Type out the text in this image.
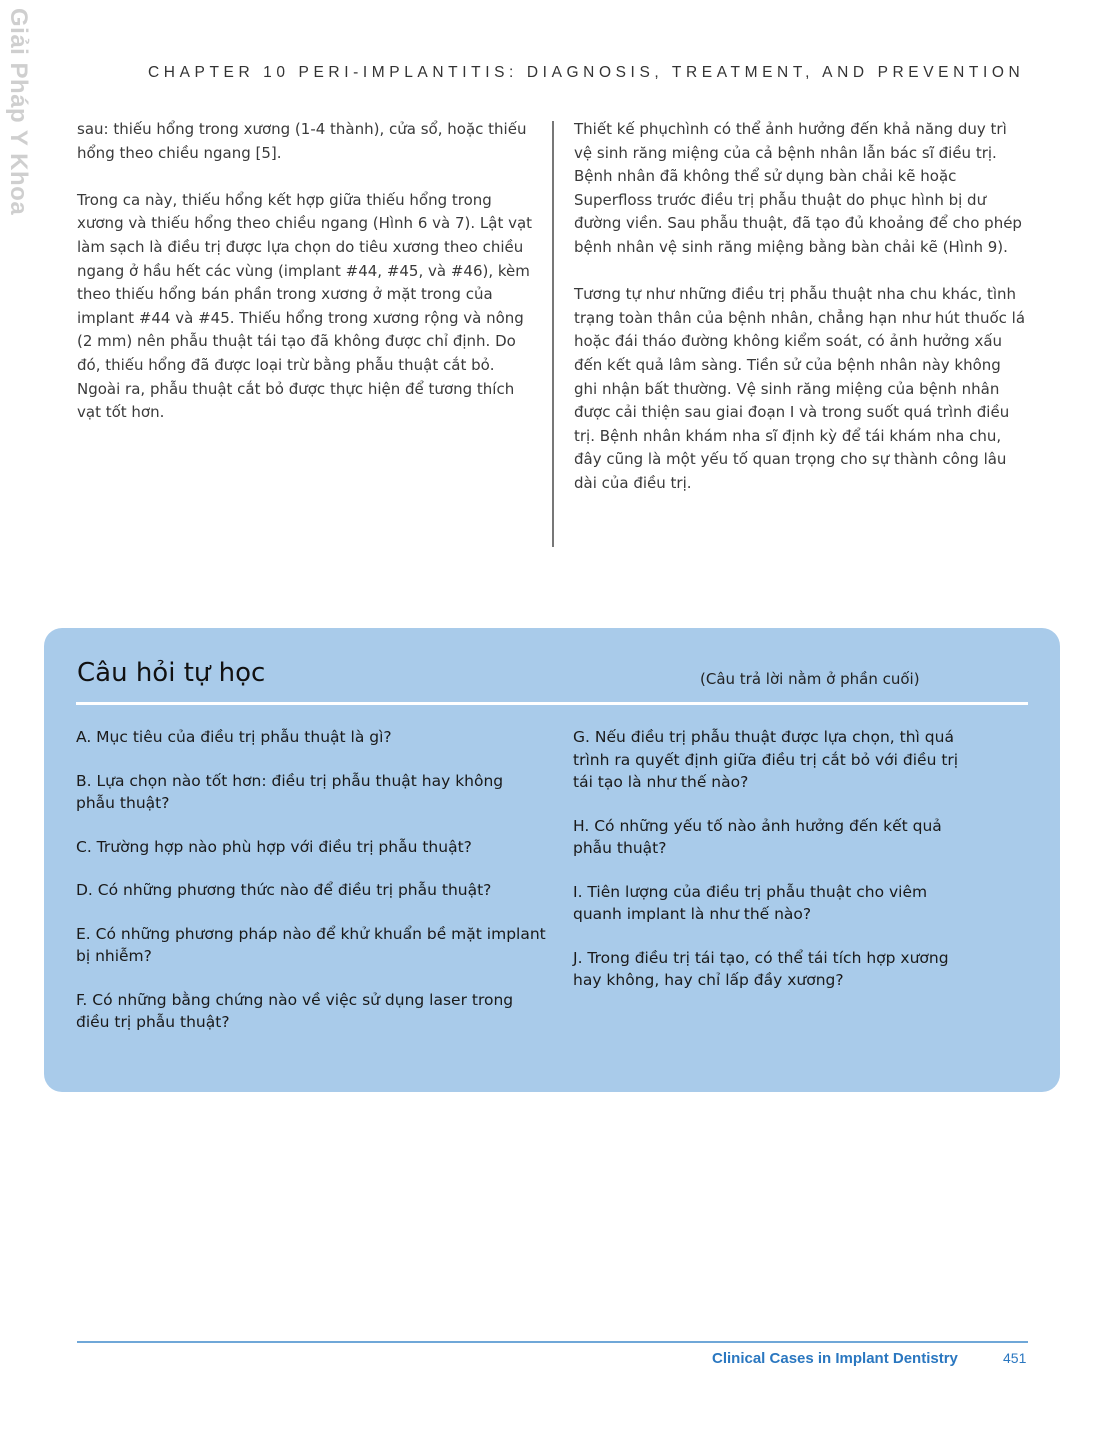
Giải Pháp Y Khoa	CHAPTER 10 PERI-IMPLANTITIS: DIAGNOSIS, TREATMENT, AND PREVENTION

sau: thiếu hổng trong xương (1-4 thành), cửa sổ, hoặc thiếu hổng theo chiều ngang [5].

Trong ca này, thiếu hổng kết hợp giữa thiếu hổng trong xương và thiếu hổng theo chiều ngang (Hình 6 và 7). Lật vạt làm sạch là điều trị được lựa chọn do tiêu xương theo chiều ngang ở hầu hết các vùng (implant #44, #45, và #46), kèm theo thiếu hổng bán phần trong xương ở mặt trong của implant #44 và #45. Thiếu hổng trong xương rộng và nông (2 mm) nên phẫu thuật tái tạo đã không được chỉ định. Do đó, thiếu hổng đã được loại trừ bằng phẫu thuật cắt bỏ. Ngoài ra, phẫu thuật cắt bỏ được thực hiện để tương thích vạt tốt hơn.

Thiết kế phụchình có thể ảnh hưởng đến khả năng duy trì vệ sinh răng miệng của cả bệnh nhân lẫn bác sĩ điều trị. Bệnh nhân đã không thể sử dụng bàn chải kẽ hoặc Superfloss trước điều trị phẫu thuật do phục hình bị dư đường viền. Sau phẫu thuật, đã tạo đủ khoảng để cho phép bệnh nhân vệ sinh răng miệng bằng bàn chải kẽ (Hình 9).

Tương tự như những điều trị phẫu thuật nha chu khác, tình trạng toàn thân của bệnh nhân, chẳng hạn như hút thuốc lá hoặc đái tháo đường không kiểm soát, có ảnh hưởng xấu đến kết quả lâm sàng. Tiền sử của bệnh nhân này không ghi nhận bất thường. Vệ sinh răng miệng của bệnh nhân được cải thiện sau giai đoạn I và trong suốt quá trình điều trị. Bệnh nhân khám nha sĩ định kỳ để tái khám nha chu, đây cũng là một yếu tố quan trọng cho sự thành công lâu dài của điều trị.

Câu hỏi tự học	(Câu trả lời nằm ở phần cuối)
A. Mục tiêu của điều trị phẫu thuật là gì?
B. Lựa chọn nào tốt hơn: điều trị phẫu thuật hay không phẫu thuật?
C. Trường hợp nào phù hợp với điều trị phẫu thuật?
D. Có những phương thức nào để điều trị phẫu thuật?
E. Có những phương pháp nào để khử khuẩn bề mặt implant bị nhiễm?
F. Có những bằng chứng nào về việc sử dụng laser trong điều trị phẫu thuật?
G. Nếu điều trị phẫu thuật được lựa chọn, thì quá trình ra quyết định giữa điều trị cắt bỏ với điều trị tái tạo là như thế nào?
H. Có những yếu tố nào ảnh hưởng đến kết quả phẫu thuật?
I. Tiên lượng của điều trị phẫu thuật cho viêm quanh implant là như thế nào?
J. Trong điều trị tái tạo, có thể tái tích hợp xương hay không, hay chỉ lấp đầy xương?
Clinical Cases in Implant Dentistry	451
